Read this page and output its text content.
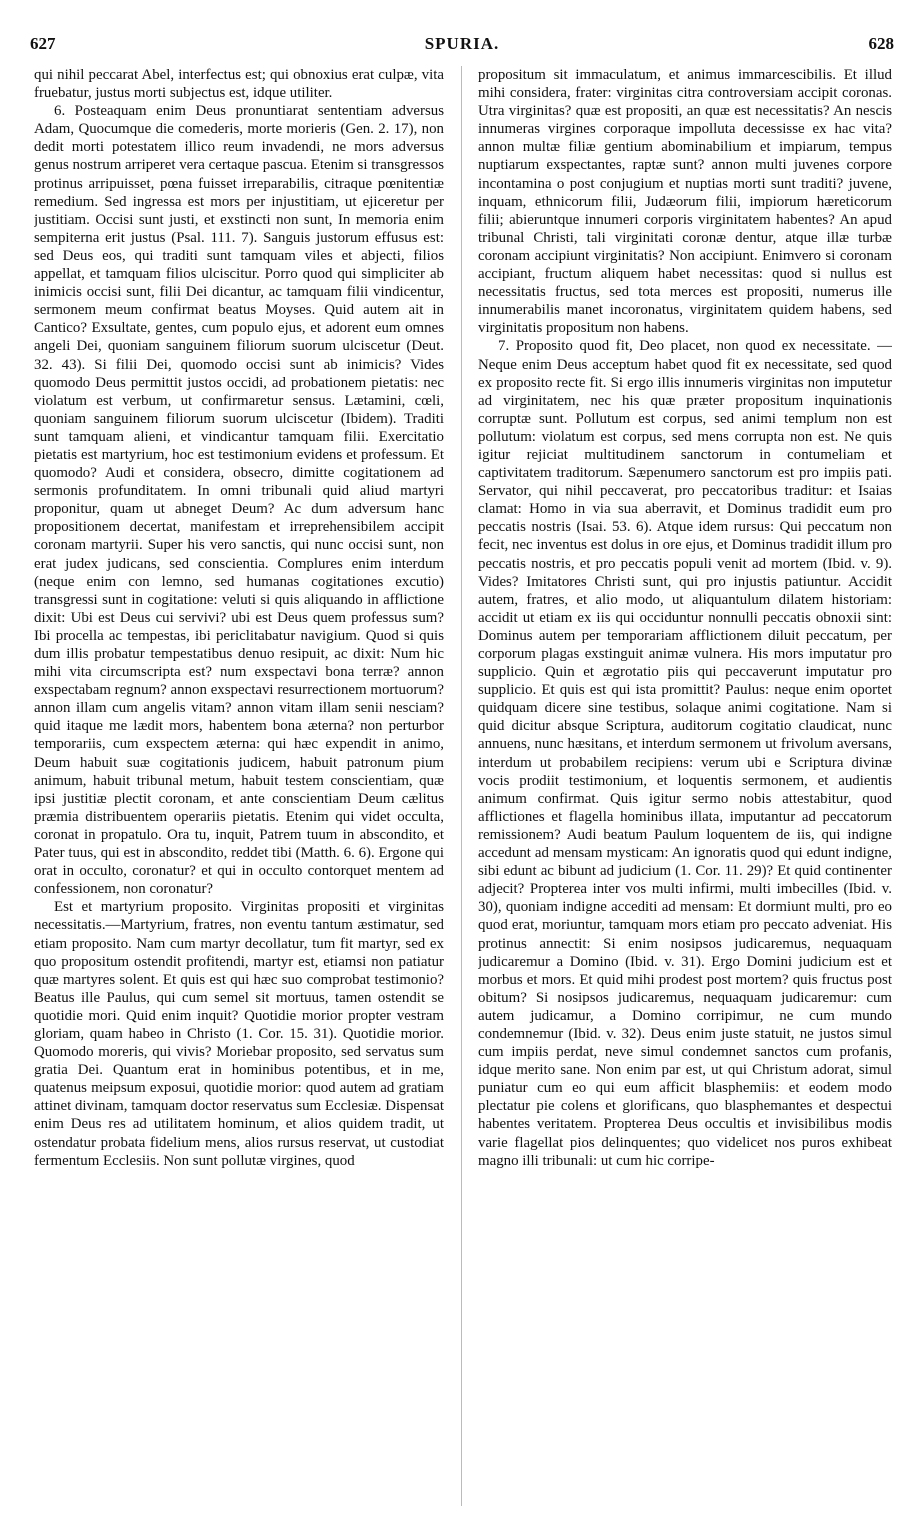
627	SPURIA.	628

qui nihil peccarat Abel, interfectus est; qui obnoxius erat culpæ, vita fruebatur, justus morti subjectus est, idque utiliter.

6. Posteaquam enim Deus pronuntiarat sententiam adversus Adam, Quocumque die comederis, morte morieris (Gen. 2. 17), non dedit morti potestatem illico reum invadendi, ne mors adversus genus nostrum arriperet vera certaque pascua. Etenim si transgressos protinus arripuisset, pœna fuisset irreparabilis, citraque pœnitentiæ remedium. Sed ingressa est mors per injustitiam, ut ejiceretur per justitiam. Occisi sunt justi, et exstincti non sunt, In memoria enim sempiterna erit justus (Psal. 111. 7). Sanguis justorum effusus est: sed Deus eos, qui traditi sunt tamquam viles et abjecti, filios appellat, et tamquam filios ulciscitur. Porro quod qui simpliciter ab inimicis occisi sunt, filii Dei dicantur, ac tamquam filii vindicentur, sermonem meum confirmat beatus Moyses. Quid autem ait in Cantico? Exsultate, gentes, cum populo ejus, et adorent eum omnes angeli Dei, quoniam sanguinem filiorum suorum ulciscetur (Deut. 32. 43). Si filii Dei, quomodo occisi sunt ab inimicis? Vides quomodo Deus permittit justos occidi, ad probationem pietatis: nec violatum est verbum, ut confirmaretur sensus. Lætamini, cœli, quoniam sanguinem filiorum suorum ulciscetur (Ibidem). Traditi sunt tamquam alieni, et vindicantur tamquam filii. Exercitatio pietatis est martyrium, hoc est testimonium evidens et professum. Et quomodo? Audi et considera, obsecro, dimitte cogitationem ad sermonis profunditatem. In omni tribunali quid aliud martyri proponitur, quam ut abneget Deum? Ac dum adversum hanc propositionem decertat, manifestam et irreprehensibilem accipit coronam martyrii. Super his vero sanctis, qui nunc occisi sunt, non erat judex judicans, sed conscientia. Complures enim interdum (neque enim con lemno, sed humanas cogitationes excutio) transgressi sunt in cogitatione: veluti si quis aliquando in afflictione dixit: Ubi est Deus cui servivi? ubi est Deus quem professus sum? Ibi procella ac tempestas, ibi periclitabatur navigium. Quod si quis dum illis probatur tempestatibus denuo resipuit, ac dixit: Num hic mihi vita circumscripta est? num exspectavi bona terræ? annon exspectabam regnum? annon exspectavi resurrectionem mortuorum? annon illam cum angelis vitam? annon vitam illam senii nesciam? quid itaque me lædit mors, habentem bona æterna? non perturbor temporariis, cum exspectem æterna: qui hæc expendit in animo, Deum habuit suæ cogitationis judicem, habuit patronum pium animum, habuit tribunal metum, habuit testem conscientiam, quæ ipsi justitiæ plectit coronam, et ante conscientiam Deum cælitus præmia distribuentem operariis pietatis. Etenim qui videt occulta, coronat in propatulo. Ora tu, inquit, Patrem tuum in abscondito, et Pater tuus, qui est in abscondito, reddet tibi (Matth. 6. 6). Ergone qui orat in occulto, coronatur? et qui in occulto contorquet mentem ad confessionem, non coronatur?

Est et martyrium proposito. Virginitas propositi et virginitas necessitatis.—Martyrium, fratres, non eventu tantum æstimatur, sed etiam proposito. Nam cum martyr decollatur, tum fit martyr, sed ex quo propositum ostendit profitendi, martyr est, etiamsi non patiatur quæ martyres solent. Et quis est qui hæc suo comprobat testimonio? Beatus ille Paulus, qui cum semel sit mortuus, tamen ostendit se quotidie mori. Quid enim inquit? Quotidie morior propter vestram gloriam, quam habeo in Christo (1. Cor. 15. 31). Quotidie morior. Quomodo moreris, qui vivis? Moriebar proposito, sed servatus sum gratia Dei. Quantum erat in hominibus potentibus, et in me, quatenus meipsum exposui, quotidie morior: quod autem ad gratiam attinet divinam, tamquam doctor reservatus sum Ecclesiæ. Dispensat enim Deus res ad utilitatem hominum, et alios quidem tradit, ut ostendatur probata fidelium mens, alios rursus reservat, ut custodiat fermentum Ecclesiis. Non sunt pollutæ virgines, quod

propositum sit immaculatum, et animus immarcescibilis. Et illud mihi considera, frater: virginitas citra controversiam accipit coronas. Utra virginitas? quæ est propositi, an quæ est necessitatis? An nescis innumeras virgines corporaque impolluta decessisse ex hac vita? annon multæ filiæ gentium abominabilium et impiarum, tempus nuptiarum exspectantes, raptæ sunt? annon multi juvenes corpore incontamina o post conjugium et nuptias morti sunt traditi? juvene, inquam, ethnicorum filii, Judæorum filii, impiorum hæreticorum filii; abieruntque innumeri corporis virginitatem habentes? An apud tribunal Christi, tali virginitati coronæ dentur, atque illæ turbæ coronam accipiunt virginitatis? Non accipiunt. Enimvero si coronam accipiant, fructum aliquem habet necessitas: quod si nullus est necessitatis fructus, sed tota merces est propositi, numerus ille innumerabilis manet incoronatus, virginitatem quidem habens, sed virginitatis propositum non habens.

7. Proposito quod fit, Deo placet, non quod ex necessitate. — Neque enim Deus acceptum habet quod fit ex necessitate, sed quod ex proposito recte fit. Si ergo illis innumeris virginitas non imputetur ad virginitatem, nec his quæ præter propositum inquinationis corruptæ sunt. Pollutum est corpus, sed animi templum non est pollutum: violatum est corpus, sed mens corrupta non est. Ne quis igitur rejiciat multitudinem sanctorum in contumeliam et captivitatem traditorum. Sæpenumero sanctorum est pro impiis pati. Servator, qui nihil peccaverat, pro peccatoribus traditur: et Isaias clamat: Homo in via sua aberravit, et Dominus tradidit eum pro peccatis nostris (Isai. 53. 6). Atque idem rursus: Qui peccatum non fecit, nec inventus est dolus in ore ejus, et Dominus tradidit illum pro peccatis nostris, et pro peccatis populi venit ad mortem (Ibid. v. 9). Vides? Imitatores Christi sunt, qui pro injustis patiuntur. Accidit autem, fratres, et alio modo, ut aliquantulum dilatem historiam: accidit ut etiam ex iis qui occiduntur nonnulli peccatis obnoxii sint: Dominus autem per temporariam afflictionem diluit peccatum, per corporum plagas exstinguit animæ vulnera. His mors imputatur pro supplicio. Quin et ægrotatio piis qui peccaverunt imputatur pro supplicio. Et quis est qui ista promittit? Paulus: neque enim oportet quidquam dicere sine testibus, solaque animi cogitatione. Nam si quid dicitur absque Scriptura, auditorum cogitatio claudicat, nunc annuens, nunc hæsitans, et interdum sermonem ut frivolum aversans, interdum ut probabilem recipiens: verum ubi e Scriptura divinæ vocis prodiit testimonium, et loquentis sermonem, et audientis animum confirmat. Quis igitur sermo nobis attestabitur, quod afflictiones et flagella hominibus illata, imputantur ad peccatorum remissionem? Audi beatum Paulum loquentem de iis, qui indigne accedunt ad mensam mysticam: An ignoratis quod qui edunt indigne, sibi edunt ac bibunt ad judicium (1. Cor. 11. 29)? Et quid continenter adjecit? Propterea inter vos multi infirmi, multi imbecilles (Ibid. v. 30), quoniam indigne accediti ad mensam: Et dormiunt multi, pro eo quod erat, moriuntur, tamquam mors etiam pro peccato adveniat. His protinus annectit: Si enim nosipsos judicaremus, nequaquam judicaremur a Domino (Ibid. v. 31). Ergo Domini judicium est et morbus et mors. Et quid mihi prodest post mortem? quis fructus post obitum? Si nosipsos judicaremus, nequaquam judicaremur: cum autem judicamur, a Domino corripimur, ne cum mundo condemnemur (Ibid. v. 32). Deus enim juste statuit, ne justos simul cum impiis perdat, neve simul condemnet sanctos cum profanis, idque merito sane. Non enim par est, ut qui Christum adorat, simul puniatur cum eo qui eum afficit blasphemiis: et eodem modo plectatur pie colens et glorificans, quo blasphemantes et despectui habentes veritatem. Propterea Deus occultis et invisibilibus modis varie flagellat pios delinquentes; quo videlicet nos puros exhibeat magno illi tribunali: ut cum hic corripe-
